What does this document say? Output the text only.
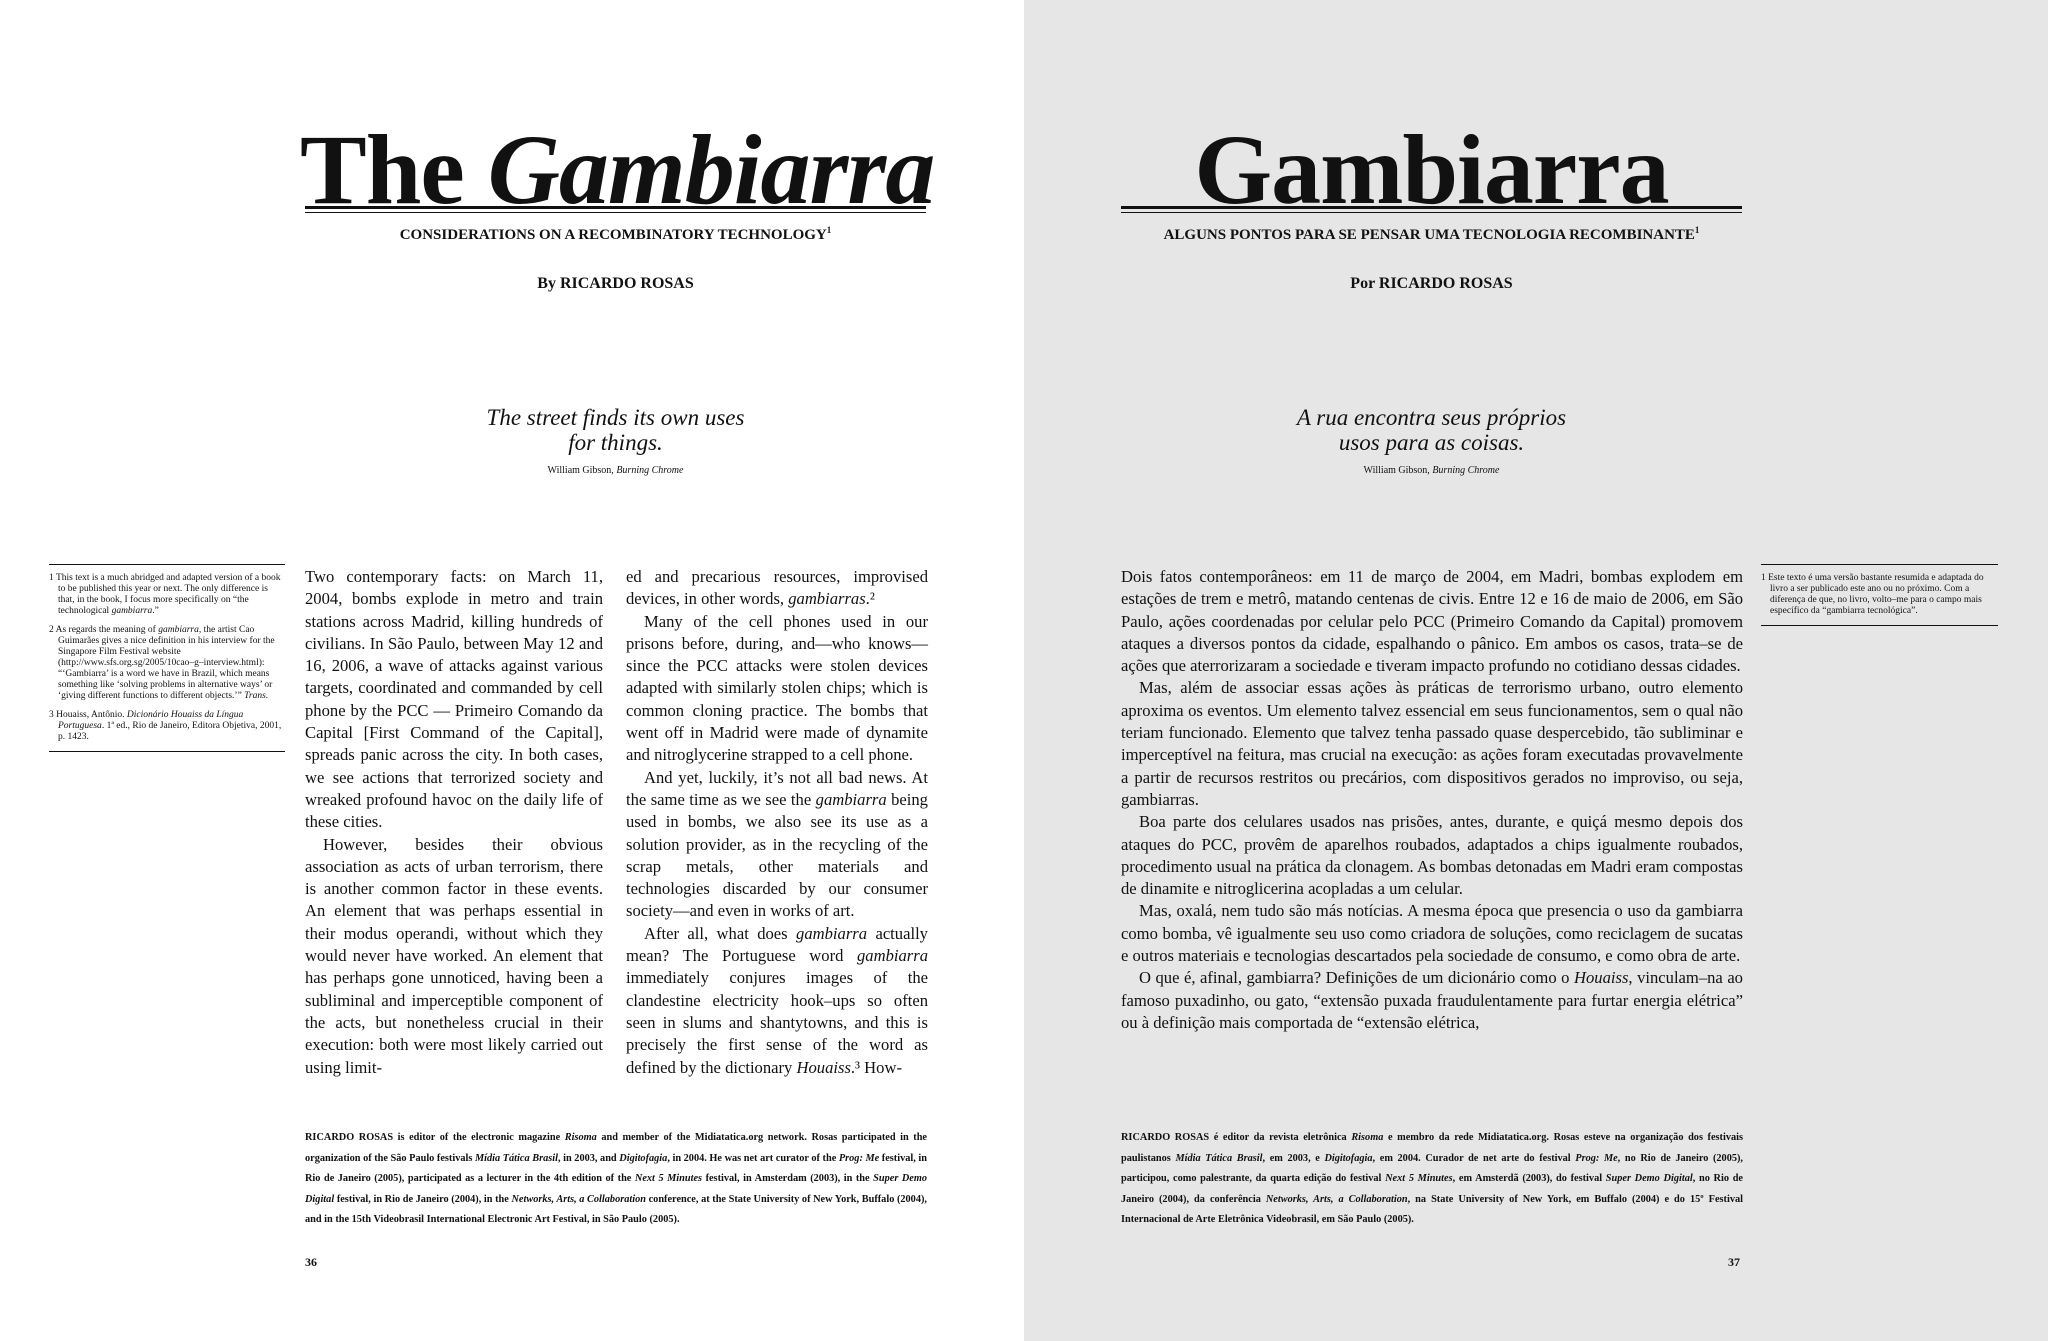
The Gambiarra
CONSIDERATIONS ON A RECOMBINATORY TECHNOLOGY$^1$
By RICARDO ROSAS
The street finds its own uses
for things.
William Gibson, Burning Chrome

1 This text is a much abridged and adapted version of a book to be published this year or next. The only difference is that, in the book, I focus more specifically on “the technological gambiarra.”

2 As regards the meaning of gambiarra, the artist Cao Guimarães gives a nice definition in his interview for the Singapore Film Festival website (http://www.sfs.org.sg/2005/10cao–g–interview.html): “‘Gambiarra’ is a word we have in Brazil, which means something like ‘solving problems in alternative ways’ or ‘giving different functions to different objects.’” Trans.

3 Houaiss, Antônio. Dicionário Houaiss da Língua Portuguesa. 1ª ed., Rio de Janeiro, Editora Objetiva, 2001, p. 1423.

Two contemporary facts: on March 11, 2004, bombs explode in metro and train stations across Madrid, killing hundreds of civilians. In São Paulo, between May 12 and 16, 2006, a wave of attacks against various targets, coordinated and commanded by cell phone by the PCC — Primeiro Comando da Capital [First Command of the Capital], spreads panic across the city. In both cases, we see actions that terrorized society and wreaked profound havoc on the daily life of these cities.

However, besides their obvious association as acts of urban terrorism, there is another common factor in these events. An element that was perhaps essential in their modus operandi, without which they would never have worked. An element that has perhaps gone unnoticed, having been a subliminal and imperceptible component of the acts, but nonetheless crucial in their execution: both were most likely carried out using limit-

ed and precarious resources, improvised devices, in other words, gambiarras.²

Many of the cell phones used in our prisons before, during, and—who knows—since the PCC attacks were stolen devices adapted with similarly stolen chips; which is common cloning practice. The bombs that went off in Madrid were made of dynamite and nitroglycerine strapped to a cell phone.

And yet, luckily, it’s not all bad news. At the same time as we see the gambiarra being used in bombs, we also see its use as a solution provider, as in the recycling of the scrap metals, other materials and technologies discarded by our consumer society—and even in works of art.

After all, what does gambiarra actually mean? The Portuguese word gambiarra immediately conjures images of the clandestine electricity hook–ups so often seen in slums and shantytowns, and this is precisely the first sense of the word as defined by the dictionary Houaiss.³ How-

RICARDO ROSAS is editor of the electronic magazine Risoma and member of the Midiatatica.org network. Rosas participated in the organization of the São Paulo festivals Mídia Tática Brasil, in 2003, and Digitofagia, in 2004. He was net art curator of the Prog: Me festival, in Rio de Janeiro (2005), participated as a lecturer in the 4th edition of the Next 5 Minutes festival, in Amsterdam (2003), in the Super Demo Digital festival, in Rio de Janeiro (2004), in the Networks, Arts, a Collaboration conference, at the State University of New York, Buffalo (2004), and in the 15th Videobrasil International Electronic Art Festival, in São Paulo (2005).
36
Gambiarra
ALGUNS PONTOS PARA SE PENSAR UMA TECNOLOGIA RECOMBINANTE$^1$
Por RICARDO ROSAS
A rua encontra seus próprios
usos para as coisas.
William Gibson, Burning Chrome

Dois fatos contemporâneos: em 11 de março de 2004, em Madri, bombas explodem em estações de trem e metrô, matando centenas de civis. Entre 12 e 16 de maio de 2006, em São Paulo, ações coordenadas por celular pelo PCC (Primeiro Comando da Capital) promovem ataques a diversos pontos da cidade, espalhando o pânico. Em ambos os casos, trata–se de ações que aterrorizaram a sociedade e tiveram impacto profundo no cotidiano dessas cidades.

Mas, além de associar essas ações às práticas de terrorismo urbano, outro elemento aproxima os eventos. Um elemento talvez essencial em seus funcionamentos, sem o qual não teriam funcionado. Elemento que talvez tenha passado quase despercebido, tão subliminar e imperceptível na feitura, mas crucial na execução: as ações foram executadas provavelmente a partir de recursos restritos ou precários, com dispositivos gerados no improviso, ou seja, gambiarras.

Boa parte dos celulares usados nas prisões, antes, durante, e quiçá mesmo depois dos ataques do PCC, provêm de aparelhos roubados, adaptados a chips igualmente roubados, procedimento usual na prática da clonagem. As bombas detonadas em Madri eram compostas de dinamite e nitroglicerina acopladas a um celular.

Mas, oxalá, nem tudo são más notícias. A mesma época que presencia o uso da gambiarra como bomba, vê igualmente seu uso como criadora de soluções, como reciclagem de sucatas e outros materiais e tecnologias descartados pela sociedade de consumo, e como obra de arte.

O que é, afinal, gambiarra? Definições de um dicionário como o Houaiss, vinculam–na ao famoso puxadinho, ou gato, “extensão puxada fraudulentamente para furtar energia elétrica” ou à definição mais comportada de “extensão elétrica,

1 Este texto é uma versão bastante resumida e adaptada do livro a ser publicado este ano ou no próximo. Com a diferença de que, no livro, volto–me para o campo mais específico da “gambiarra tecnológica”.

RICARDO ROSAS é editor da revista eletrônica Risoma e membro da rede Midiatatica.org. Rosas esteve na organização dos festivais paulistanos Mídia Tática Brasil, em 2003, e Digitofagia, em 2004. Curador de net arte do festival Prog: Me, no Rio de Janeiro (2005), participou, como palestrante, da quarta edição do festival Next 5 Minutes, em Amsterdã (2003), do festival Super Demo Digital, no Rio de Janeiro (2004), da conferência Networks, Arts, a Collaboration, na State University of New York, em Buffalo (2004) e do 15º Festival Internacional de Arte Eletrônica Videobrasil, em São Paulo (2005).
37
